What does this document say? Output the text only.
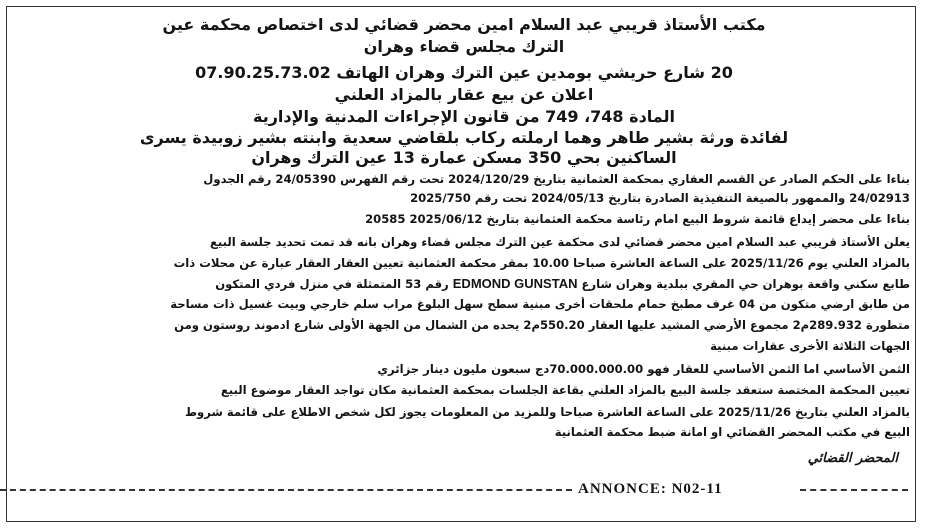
مكتب الأستاذ قريبي عبد السلام امين محضر قضائي لدى اختصاص محكمة عين

الترك مجلس قضاء وهران

20 شارع حريشي بومدين عين الترك وهران الهاتف 07.90.25.73.02

اعلان عن بيع عقار بالمزاد العلني

المادة 748، 749 من قانون الإجراءات المدنية والإدارية

لفائدة ورثة بشير طاهر وهما ارملته ركاب بلقاضي سعدية وابنته بشير زوبيدة يسرى

الساكنين بحي 350 مسكن عمارة 13 عين الترك وهران

بناءا على الحكم الصادر عن القسم العقاري بمحكمة العثمانية بتاريخ 2024/120/29 تحت رقم الفهرس 24/05390 رقم الجدول
24/02913 والممهور بالصيغة التنفيذية الصادرة بتاريخ 2024/05/13 تحت رقم 2025/750
بناءا على محضر إيداع قائمة شروط البيع امام رئاسة محكمة العثمانية بتاريخ 2025/06/12 20585
يعلن الأستاذ قريبي عبد السلام امين محضر قضائي لدى محكمة عين الترك مجلس قضاء وهران بانه قد تمت تحديد جلسة البيع
بالمزاد العلني يوم 2025/11/26 على الساعة العاشرة صباحا 10.00 بمقر محكمة العثمانية تعيين العقار العقار عبارة عن محلات ذات
طابع سكني واقعة بوهران حي المقري ببلدية وهران شارع EDMOND GUNSTAN رقم 53 المتمثلة في منزل فردي المتكون
من طابق ارضي متكون من 04 غرف مطبخ حمام ملحقات أخرى مبنية سطح سهل البلوغ مراب سلم خارجي وبيت غسيل ذات مساحة
متطورة 289.932م2 مجموع الأرضي المشيد عليها العقار 550.20م2 يحده من الشمال من الجهة الأولى شارع ادموند روستون ومن
الجهات الثلاثة الأخرى عقارات مبنية
الثمن الأساسي اما الثمن الأساسي للعقار فهو 70.000.000.00دج سبعون مليون دينار جزائري
تعيين المحكمة المختصة ستعقد جلسة البيع بالمزاد العلني بقاعة الجلسات بمحكمة العثمانية مكان تواجد العقار موضوع البيع
بالمزاد العلني بتاريخ 2025/11/26 على الساعة العاشرة صباحا وللمزيد من المعلومات يجوز لكل شخص الاطلاع على قائمة شروط
البيع في مكتب المحضر القضائي او امانة ضبط محكمة العثمانية
المحضر القضائي
ANNONCE: N02-11
